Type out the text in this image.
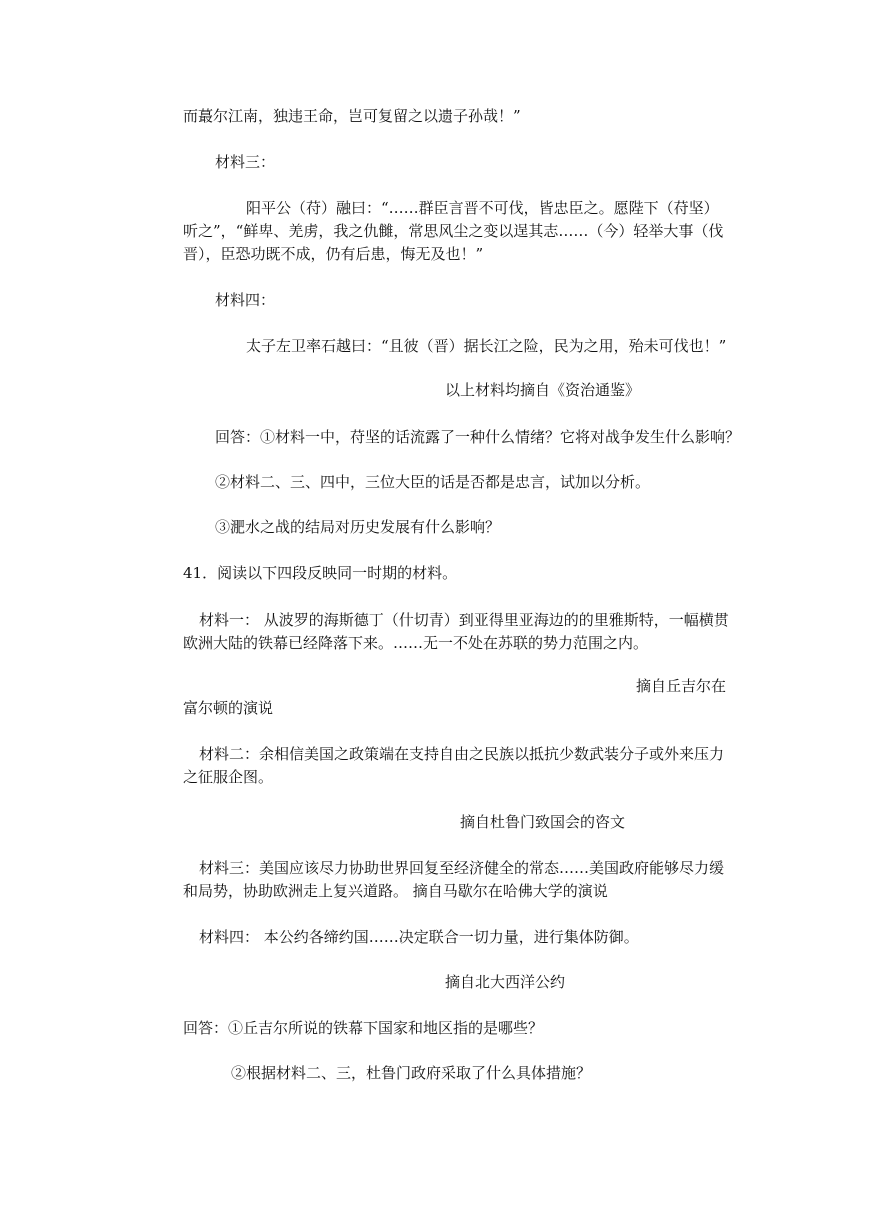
而蕞尔江南，独违王命，岂可复留之以遗子孙哉！”
材料三：
阳平公（苻）融曰：“……群臣言晋不可伐，皆忠臣之。愿陛下（苻坚）
听之”，“鲜卑、羌虏，我之仇雠，常思风尘之变以逞其志……（今）轻举大事（伐
晋），臣恐功既不成，仍有后患，悔无及也！”
材料四：
太子左卫率石越曰：“且彼（晋）据长江之险，民为之用，殆未可伐也！”
以上材料均摘自《资治通鉴》
回答：①材料一中，苻坚的话流露了一种什么情绪？它将对战争发生什么影响？
②材料二、三、四中，三位大臣的话是否都是忠言，试加以分析。
③淝水之战的结局对历史发展有什么影响？
41．阅读以下四段反映同一时期的材料。
材料一： 从波罗的海斯德丁（什切青）到亚得里亚海边的的里雅斯特，一幅横贯
欧洲大陆的铁幕已经降落下来。……无一不处在苏联的势力范围之内。
摘自丘吉尔在
富尔顿的演说
材料二：余相信美国之政策端在支持自由之民族以抵抗少数武装分子或外来压力
之征服企图。
摘自杜鲁门致国会的咨文
材料三：美国应该尽力协助世界回复至经济健全的常态……美国政府能够尽力缓
和局势，协助欧洲走上复兴道路。 摘自马歇尔在哈佛大学的演说
材料四： 本公约各缔约国……决定联合一切力量，进行集体防御。
摘自北大西洋公约
回答：①丘吉尔所说的铁幕下国家和地区指的是哪些？
②根据材料二、三，杜鲁门政府采取了什么具体措施？
